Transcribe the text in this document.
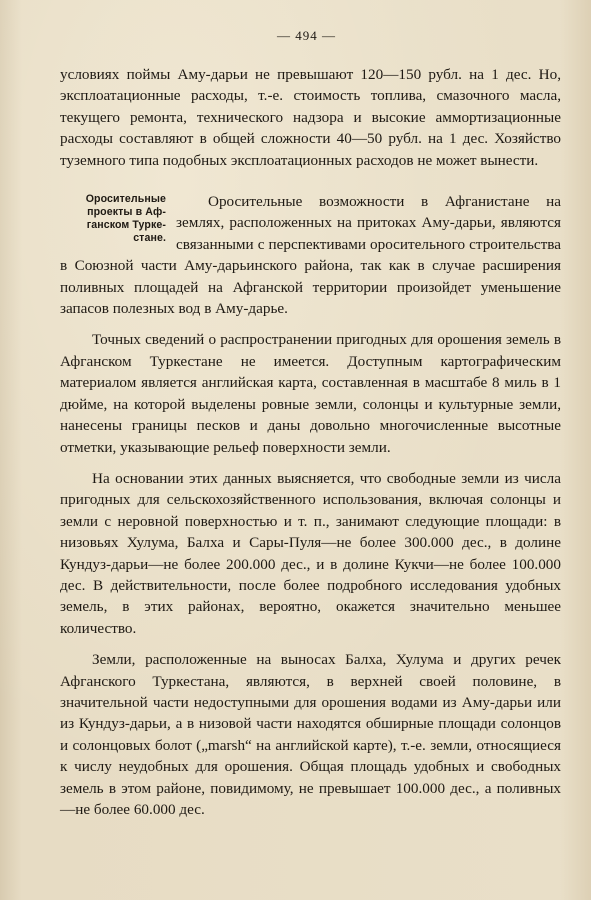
— 494 —

условиях поймы Аму-дарьи не превышают 120—150 рубл. на 1 дес. Но, эксплоатационные расходы, т.-е. стоимость топлива, смазочного масла, текущего ремонта, технического надзора и высокие аммортизационные расходы составляют в общей сложности 40—50 рубл. на 1 дес. Хозяйство туземного типа подобных эксплоатационных расходов не может вынести.

Оросительные
проекты в Аф-
ганском Турке-
стане.

Оросительные возможности в Афганистане на землях, расположенных на притоках Аму-дарьи, являются связанными с перспективами оросительного строительства в Союзной части Аму-дарьинского района, так как в случае расширения поливных площадей на Афганской территории произойдет уменьшение запасов полезных вод в Аму-дарье.

Точных сведений о распространении пригодных для орошения земель в Афганском Туркестане не имеется. Доступным картографическим материалом является английская карта, составленная в масштабе 8 миль в 1 дюйме, на которой выделены ровные земли, солонцы и культурные земли, нанесены границы песков и даны довольно многочисленные высотные отметки, указывающие рельеф поверхности земли.

На основании этих данных выясняется, что свободные земли из числа пригодных для сельскохозяйственного использования, включая солонцы и земли с неровной поверхностью и т. п., занимают следующие площади: в низовьях Хулума, Балха и Сары-Пуля—не более 300.000 дес., в долине Кундуз-дарьи—не более 200.000 дес., и в долине Кукчи—не более 100.000 дес. В действительности, после более подробного исследования удобных земель, в этих районах, вероятно, окажется значительно меньшее количество.

Земли, расположенные на выносах Балха, Хулума и других речек Афганского Туркестана, являются, в верхней своей половине, в значительной части недоступными для орошения водами из Аму-дарьи или из Кундуз-дарьи, а в низовой части находятся обширные площади солонцов и солонцовых болот („marsh“ на английской карте), т.-е. земли, относящиеся к числу неудобных для орошения. Общая площадь удобных и свободных земель в этом районе, повидимому, не превышает 100.000 дес., а поливных—не более 60.000 дес.
